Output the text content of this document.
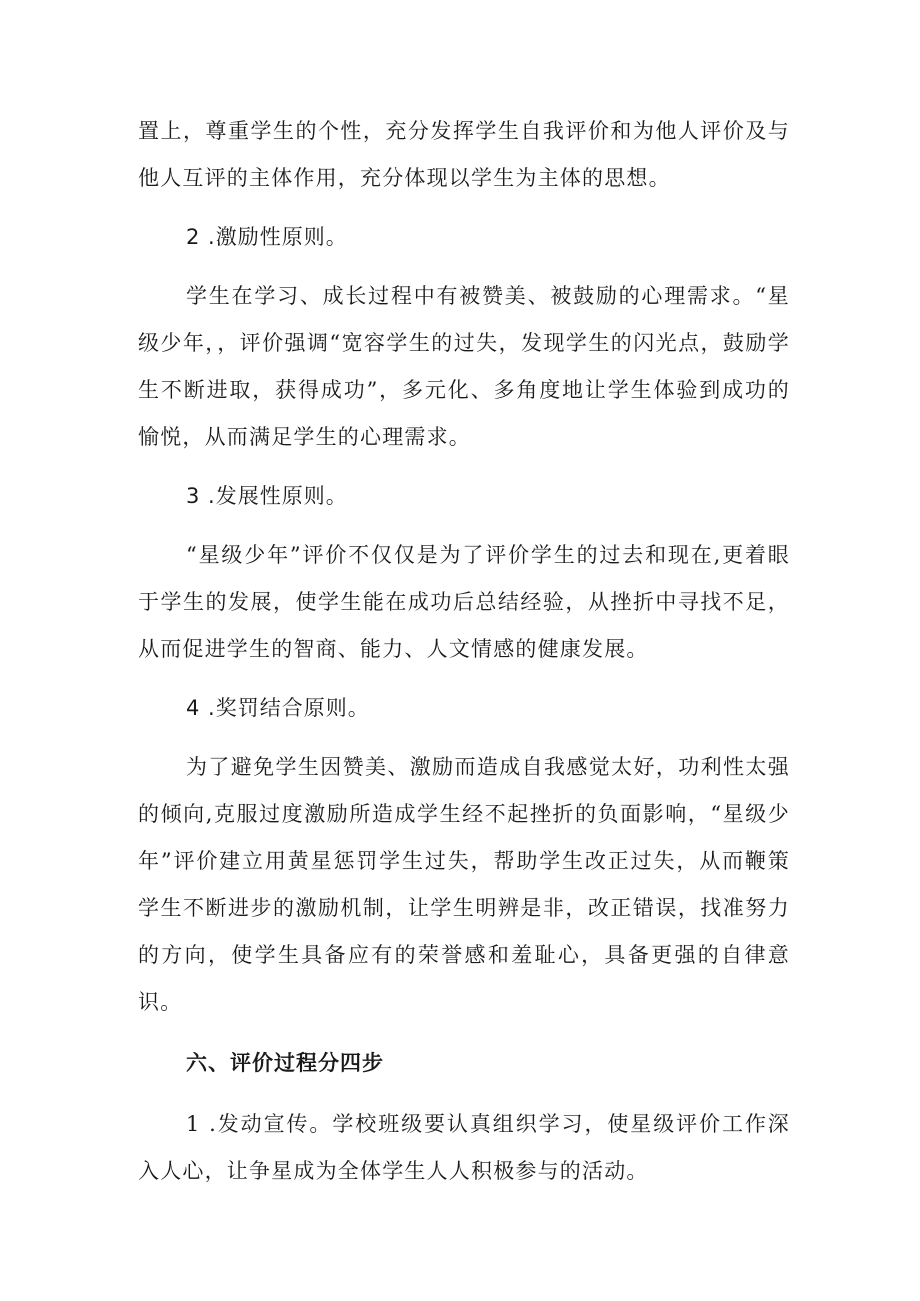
置上，尊重学生的个性，充分发挥学生自我评价和为他人评价及与他人互评的主体作用，充分体现以学生为主体的思想。

2 .激励性原则。

学生在学习、成长过程中有被赞美、被鼓励的心理需求。“星级少年，，评价强调“宽容学生的过失，发现学生的闪光点，鼓励学生不断进取，获得成功”，多元化、多角度地让学生体验到成功的愉悦，从而满足学生的心理需求。

3 .发展性原则。

“星级少年”评价不仅仅是为了评价学生的过去和现在,更着眼于学生的发展，使学生能在成功后总结经验，从挫折中寻找不足，从而促进学生的智商、能力、人文情感的健康发展。

4 .奖罚结合原则。

为了避免学生因赞美、激励而造成自我感觉太好，功利性太强的倾向,克服过度激励所造成学生经不起挫折的负面影响，“星级少年”评价建立用黄星惩罚学生过失，帮助学生改正过失，从而鞭策学生不断进步的激励机制，让学生明辨是非，改正错误，找准努力的方向，使学生具备应有的荣誉感和羞耻心，具备更强的自律意识。

六、评价过程分四步

1 .发动宣传。学校班级要认真组织学习，使星级评价工作深入人心，让争星成为全体学生人人积极参与的活动。
